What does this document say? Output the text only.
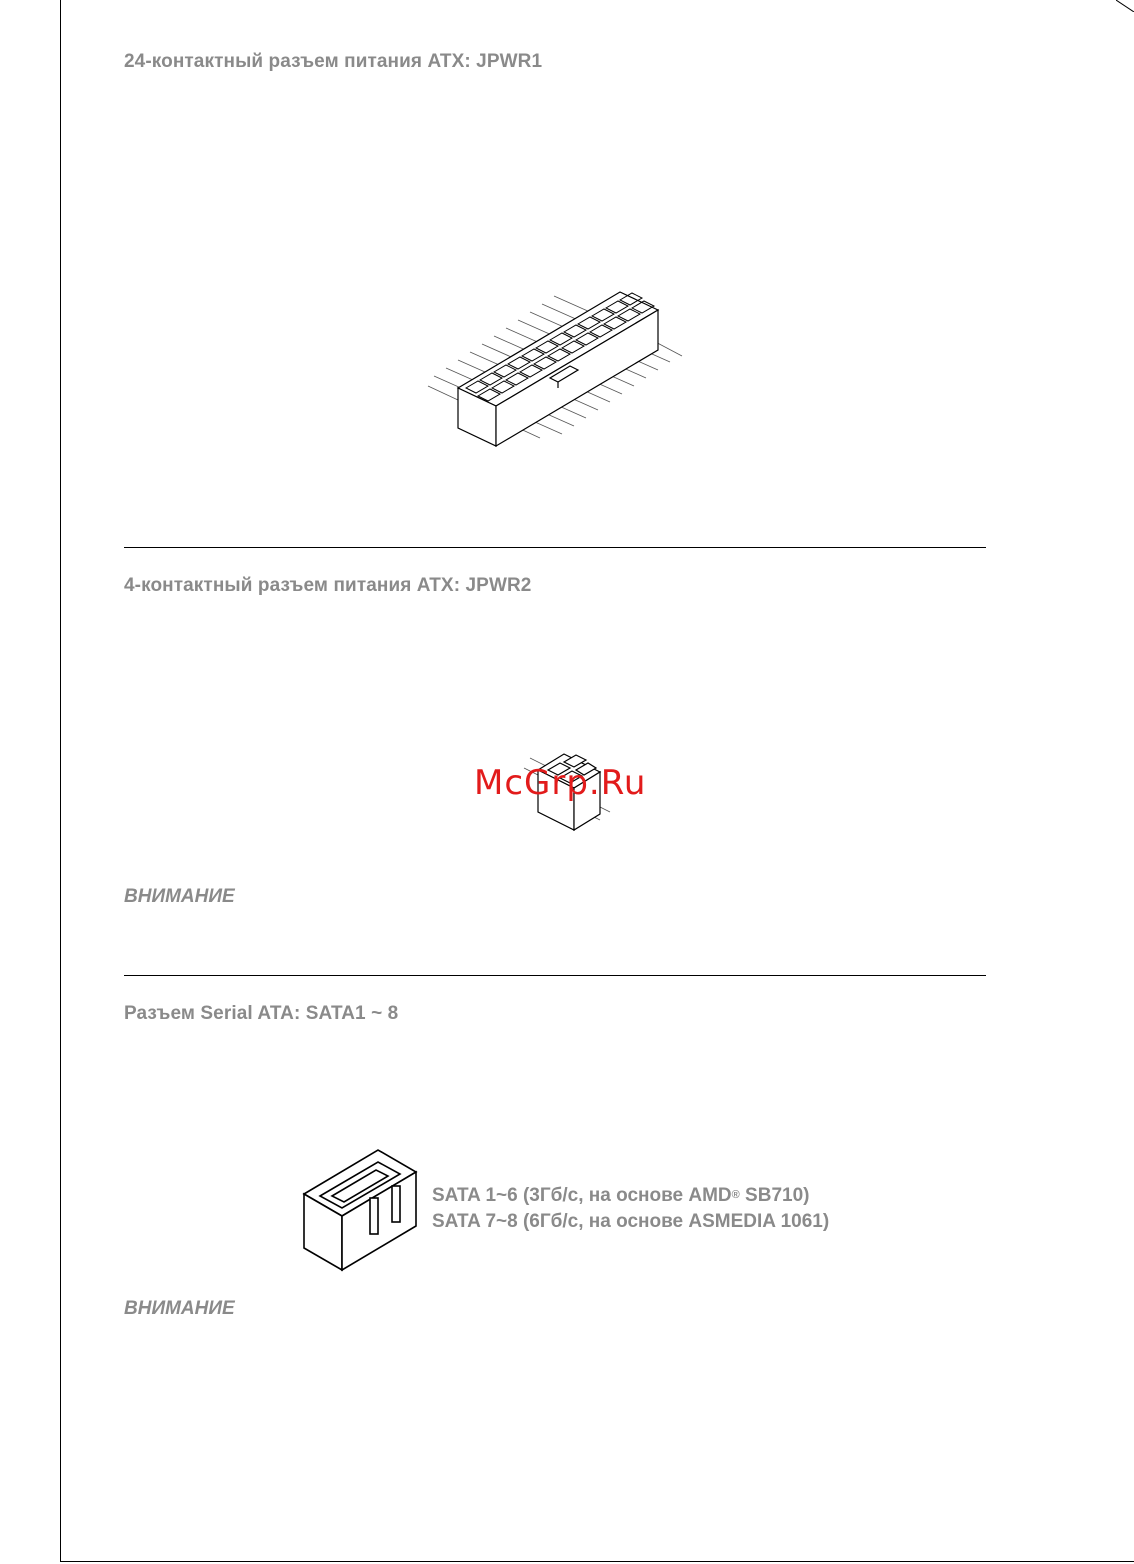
24-контактный разъем питания ATX: JPWR1
4-контактный разъем питания ATX: JPWR2
McGrp.Ru

ВНИМАНИЕ

Разъем Serial ATA: SATA1 ~ 8
SATA 1~6 (3Гб/с, на основе AMD® SB710)
SATA 7~8 (6Гб/с, на основе ASMEDIA 1061)

ВНИМАНИЕ
